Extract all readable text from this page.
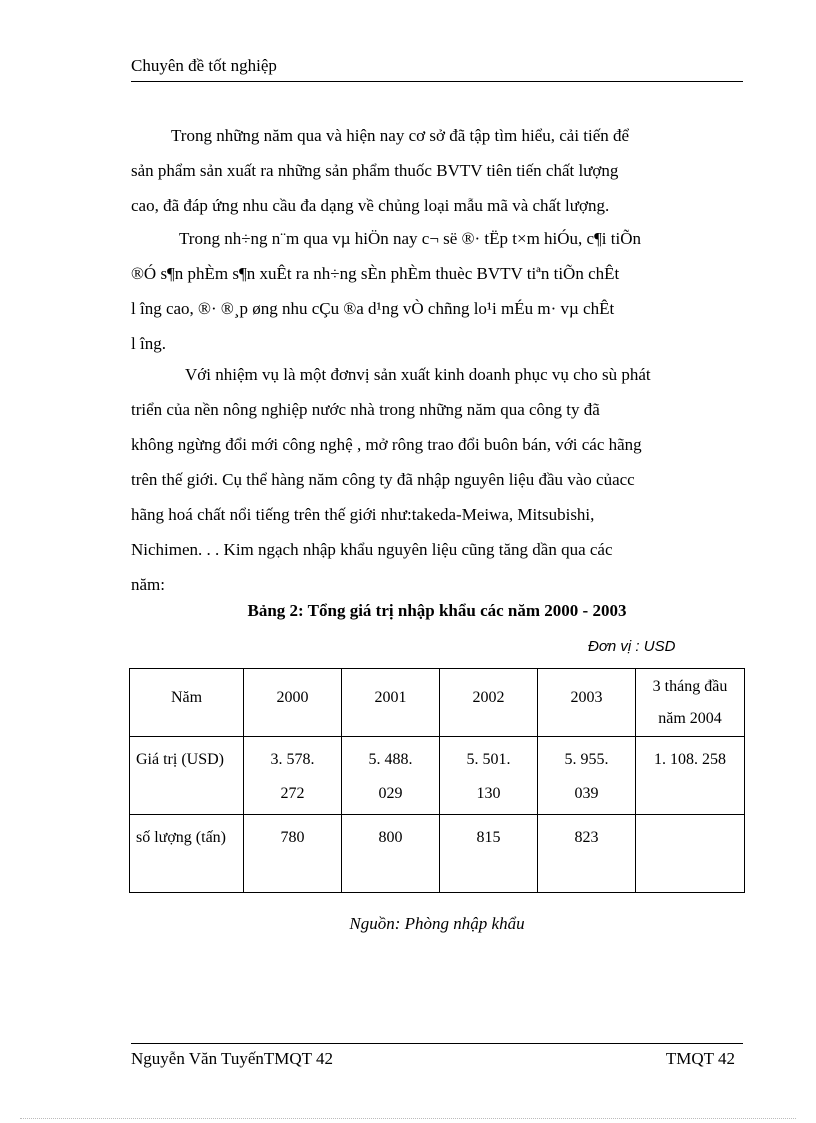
Chuyên đề tốt nghiệp
Trong những năm qua và hiện nay cơ sở đã tập tìm hiểu, cải tiến để
sản phẩm sản xuất ra những sản phẩm thuốc BVTV tiên tiến chất lượng
cao, đã đáp ứng nhu cầu đa dạng về chủng loại mẫu mã và chất lượng.
Trong nh÷ng n¨m qua vµ hiÖn nay c¬ së ®· tËp t×m hiÓu, c¶i tiÕn
®Ó s¶n phÈm s¶n xuÊt ra nh÷ng sÈn phÈm thuèc BVTV tiªn tiÕn chÊt
l îng cao, ®· ®¸p øng nhu cÇu ®a d¹ng vÒ chñng lo¹i mÉu m· vµ chÊt
l îng.
Với nhiệm vụ là một đơnvị sản xuất kinh doanh phục vụ cho sù phát
triển của nền nông nghiệp nước nhà trong những năm qua công ty đã
không ngừng đổi mới công nghệ , mở rông trao đổi buôn bán, với các hãng
trên thế giới. Cụ thể hàng năm công ty đã nhập nguyên liệu đầu vào củacc
hãng hoá chất nổi tiếng trên thế giới như:takeda-Meiwa, Mitsubishi,
Nichimen. . . Kim ngạch nhập khẩu nguyên liệu cũng tăng dần qua các
năm:
Bảng 2: Tổng giá trị nhập khẩu các năm 2000 - 2003
Đơn vị : USD
Năm	2000	2001	2002	2003	3 tháng đầu năm 2004

Giá trị (USD)	3. 578. 272	5. 488. 029	5. 501. 130	5. 955. 039	1. 108. 258

số lượng (tấn)	780	800	815	823	

Nguồn: Phòng nhập khẩu
Nguyễn Văn TuyếnTMQT 42	TMQT 42
